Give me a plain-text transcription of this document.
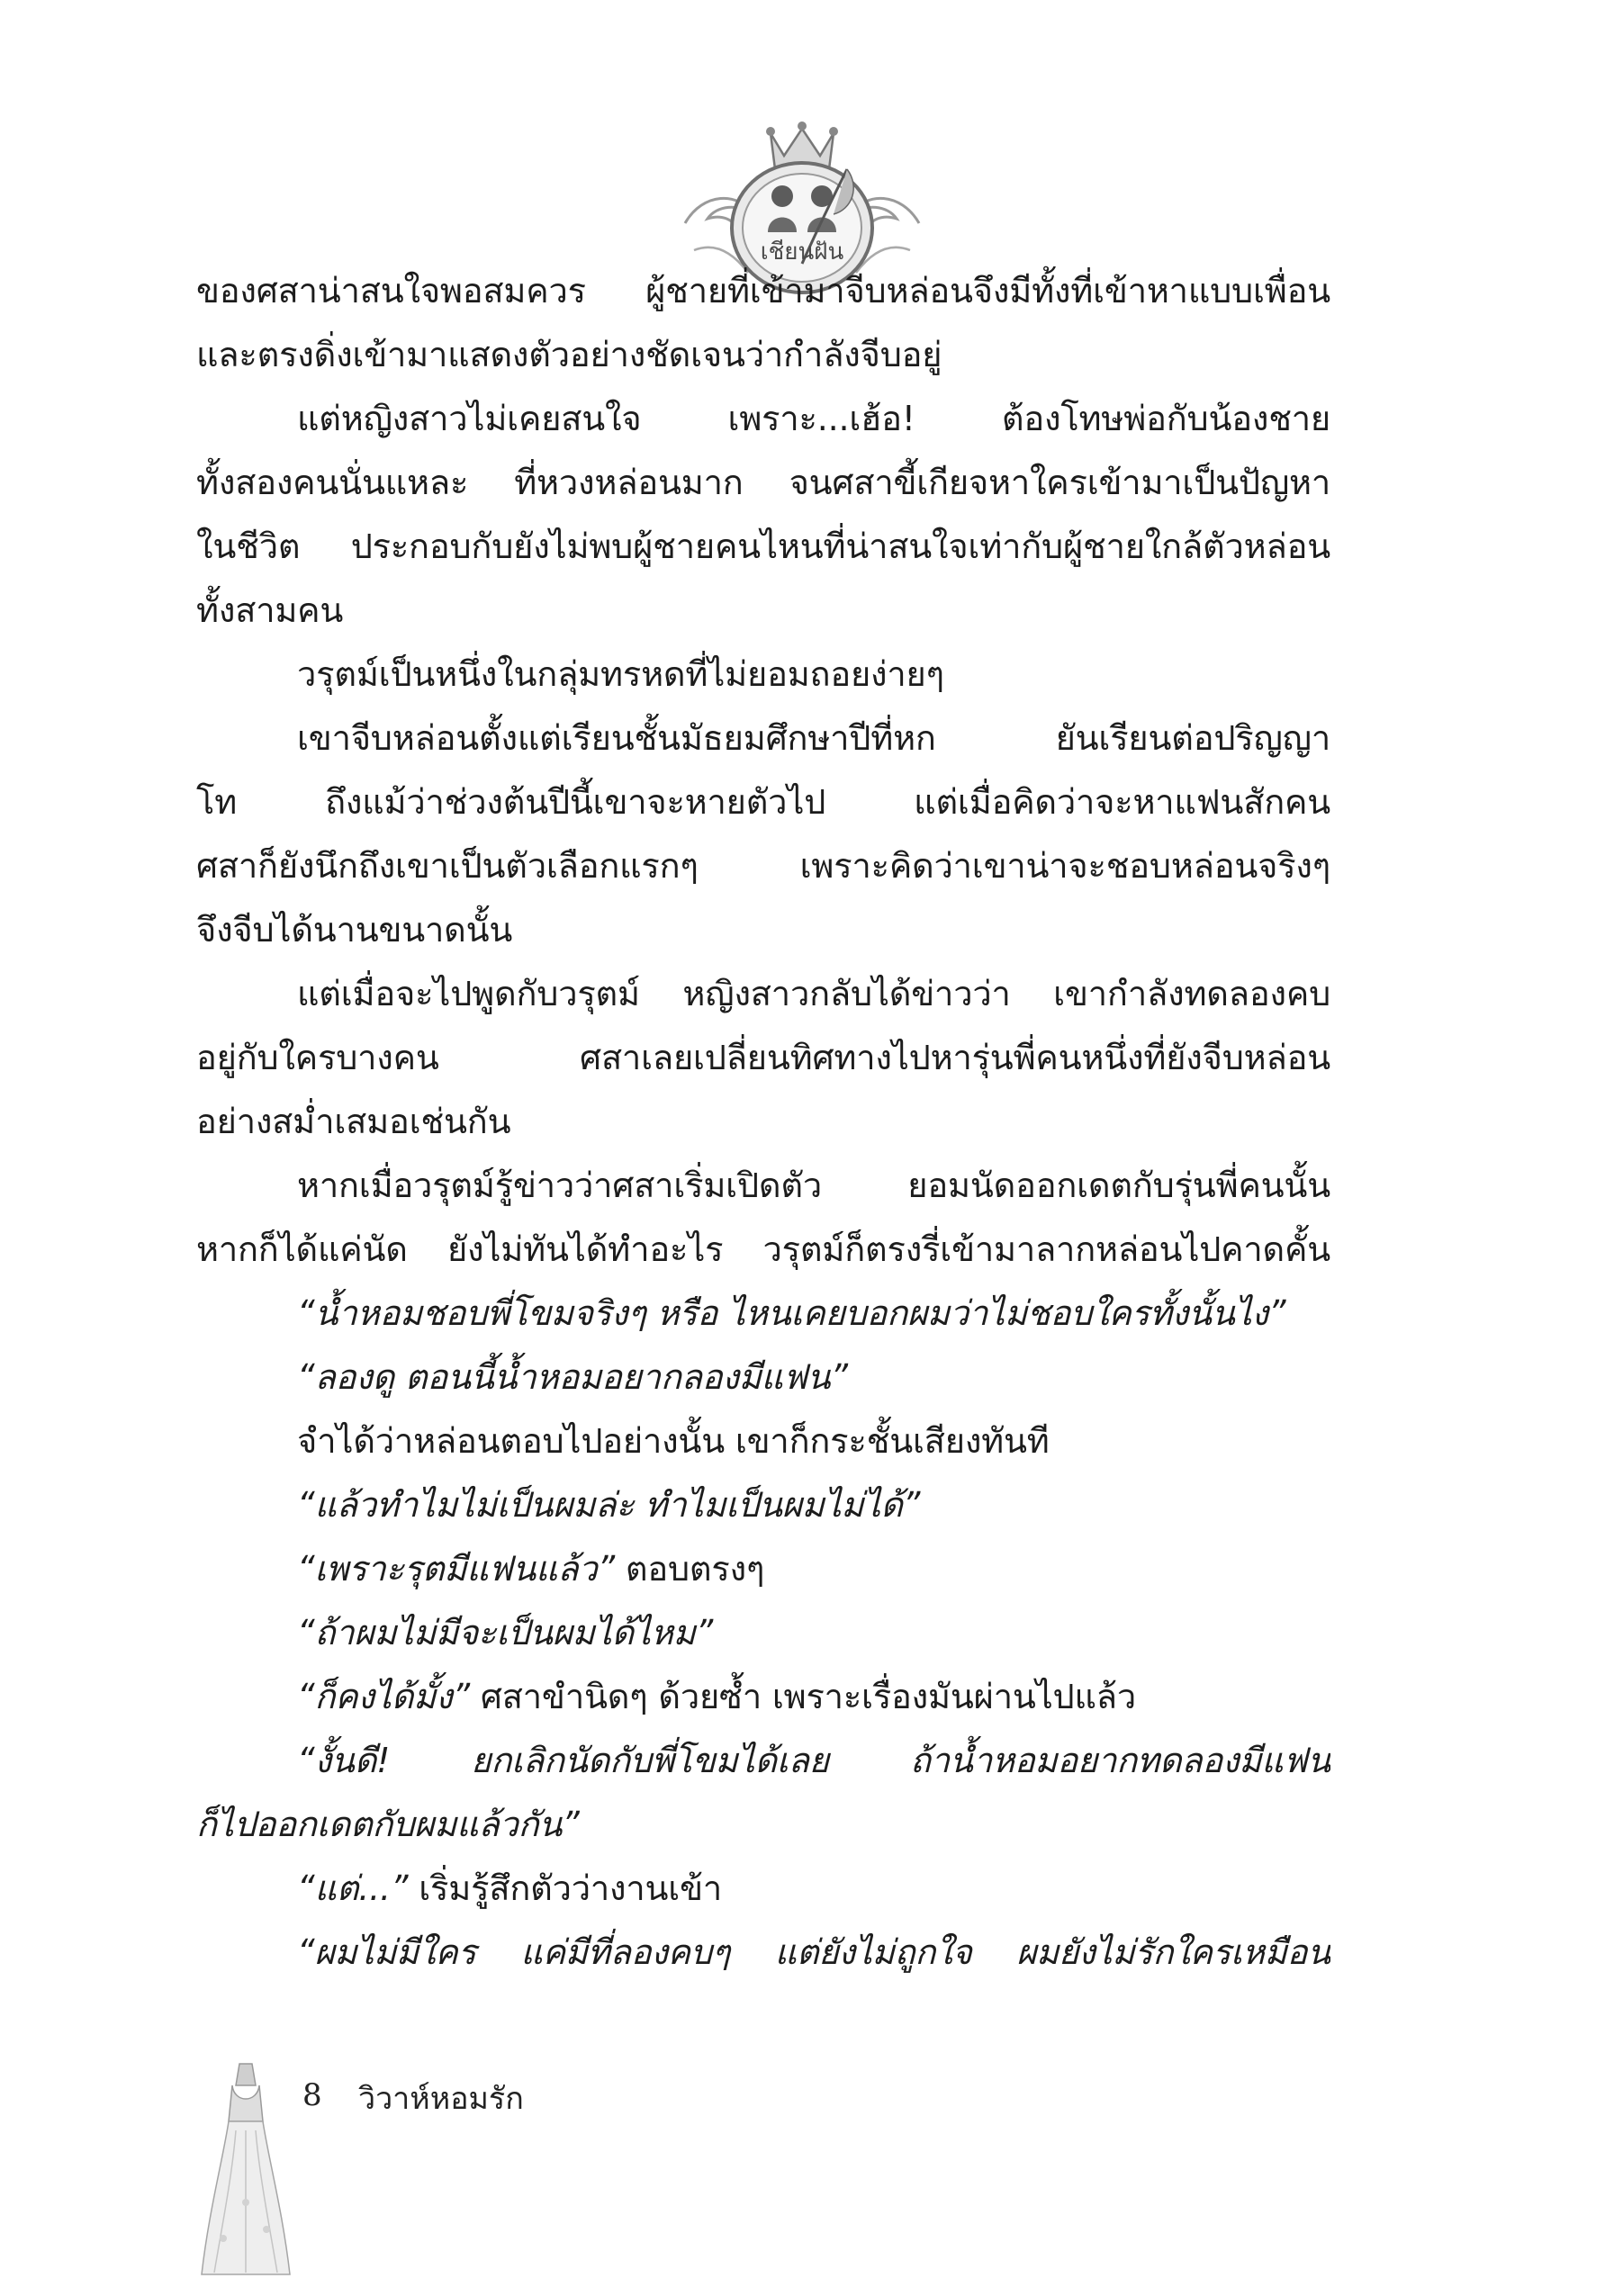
เชียนฝัน
ของศสาน่าสนใจพอสมควร ผู้ชายที่เข้ามาจีบหล่อนจึงมีทั้งที่เข้าหาแบบเพื่อน
และตรงดิ่งเข้ามาแสดงตัวอย่างชัดเจนว่ากำลังจีบอยู่
แต่หญิงสาวไม่เคยสนใจ เพราะ...เฮ้อ! ต้องโทษพ่อกับน้องชาย
ทั้งสองคนนั่นแหละ ที่หวงหล่อนมาก จนศสาขี้เกียจหาใครเข้ามาเป็นปัญหา
ในชีวิต ประกอบกับยังไม่พบผู้ชายคนไหนที่น่าสนใจเท่ากับผู้ชายใกล้ตัวหล่อน
ทั้งสามคน
วรุตม์เป็นหนึ่งในกลุ่มทรหดที่ไม่ยอมถอยง่ายๆ
เขาจีบหล่อนตั้งแต่เรียนชั้นมัธยมศึกษาปีที่หก ยันเรียนต่อปริญญา
โท ถึงแม้ว่าช่วงต้นปีนี้เขาจะหายตัวไป แต่เมื่อคิดว่าจะหาแฟนสักคน
ศสาก็ยังนึกถึงเขาเป็นตัวเลือกแรกๆ เพราะคิดว่าเขาน่าจะชอบหล่อนจริงๆ
จึงจีบได้นานขนาดนั้น
แต่เมื่อจะไปพูดกับวรุตม์ หญิงสาวกลับได้ข่าวว่า เขากำลังทดลองคบ
อยู่กับใครบางคน ศสาเลยเปลี่ยนทิศทางไปหารุ่นพี่คนหนึ่งที่ยังจีบหล่อน
อย่างสม่ำเสมอเช่นกัน
หากเมื่อวรุตม์รู้ข่าวว่าศสาเริ่มเปิดตัว ยอมนัดออกเดตกับรุ่นพี่คนนั้น
หากก็ได้แค่นัด ยังไม่ทันได้ทำอะไร วรุตม์ก็ตรงรี่เข้ามาลากหล่อนไปคาดคั้น
“น้ำหอมชอบพี่โขมจริงๆ หรือ ไหนเคยบอกผมว่าไม่ชอบใครทั้งนั้นไง”
“ลองดู ตอนนี้น้ำหอมอยากลองมีแฟน”
จำได้ว่าหล่อนตอบไปอย่างนั้น เขาก็กระชั้นเสียงทันที
“แล้วทำไมไม่เป็นผมล่ะ ทำไมเป็นผมไม่ได้”
“เพราะรุตมีแฟนแล้ว” ตอบตรงๆ
“ถ้าผมไม่มีจะเป็นผมได้ไหม”
“ก็คงได้มั้ง” ศสาขำนิดๆ ด้วยซ้ำ เพราะเรื่องมันผ่านไปแล้ว
“งั้นดี! ยกเลิกนัดกับพี่โขมได้เลย ถ้าน้ำหอมอยากทดลองมีแฟน
ก็ไปออกเดตกับผมแล้วกัน”
“แต่...” เริ่มรู้สึกตัวว่างานเข้า
“ผมไม่มีใคร แค่มีที่ลองคบๆ แต่ยังไม่ถูกใจ ผมยังไม่รักใครเหมือน
8 วิวาห์หอมรัก
